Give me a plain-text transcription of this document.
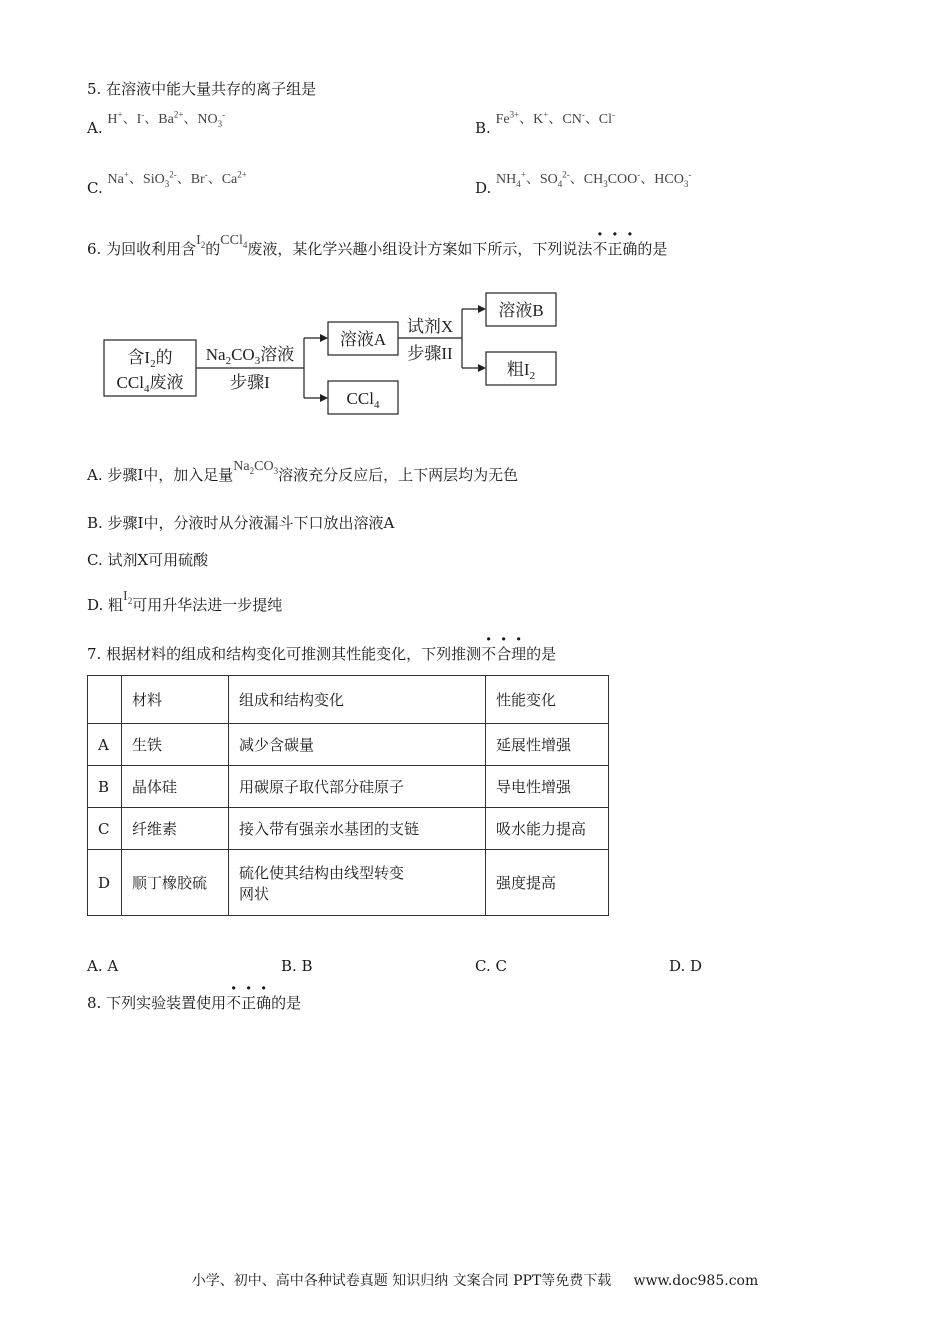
5. 在溶液中能大量共存的离子组是
A. H+、I-、$Ba^{2+}$、$NO_3^-$
B. $Fe^{3+}$、K+、CN-、Cl-
C. Na+、SiO$_3^{2-}$、Br-、$Ca^{2+}$
D. $NH_4^+$、$SO_4^{2-}$、$CH_3COO^-$、$HCO_3^-$
6. 为回收利用含$I_2$的CCl$_4$废液，某化学兴趣小组设计方案如下所示，下列说法不正确的是
含$I_2$的
CCl$_4$废液
$Na_2CO_3$溶液
步骤I
溶液A
CCl$_4$
试剂X
步骤II
溶液B
粗$I_2$
A. 步骤I中，加入足量$Na_2CO_3$溶液充分反应后，上下两层均为无色
B. 步骤I中，分液时从分液漏斗下口放出溶液A
C. 试剂X可用硫酸
D. 粗$I_2$可用升华法进一步提纯
7. 根据材料的组成和结构变化可推测其性能变化，下列推测不合理的是
	材料	组成和结构变化	性能变化
A	生铁	减少含碳量	延展性增强
B	晶体硅	用碳原子取代部分硅原子	导电性增强
C	纤维素	接入带有强亲水基团的支链	吸水能力提高
D	顺丁橡胶硫	硫化使其结构由线型转变
网状	强度提高
A. A	B. B	C. C	D. D
8. 下列实验装置使用不正确的是
小学、初中、高中各种试卷真题 知识归纳 文案合同 PPT等免费下载 www.doc985.com
